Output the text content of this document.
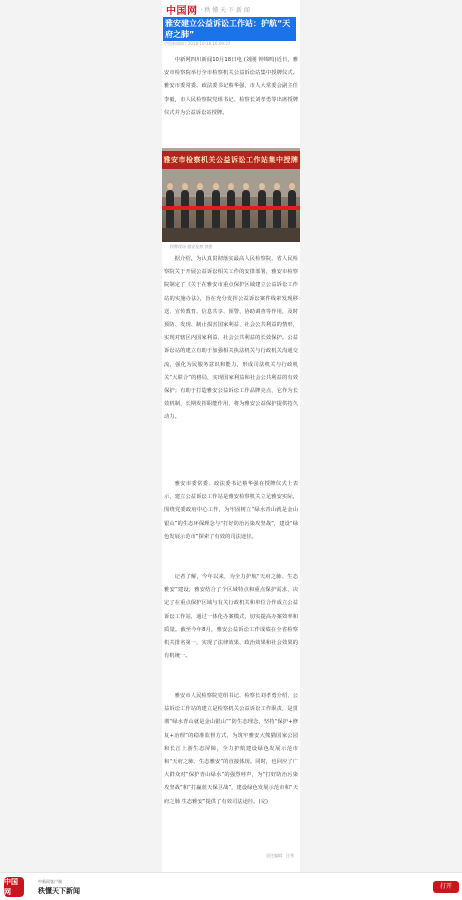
中国网 · 秩 懂 天 下 新 闻
雅安建立公益诉讼工作站：护航“天府之肺”
中国新闻网 | 2018-10-18 16:09:37

中新网四川新闻10月18日电 (刘刚 钟锦鸣)近日，雅安市检察院举行全市检察机关公益诉讼站集中授牌仪式。雅安市委常委、政法委书记蔡华强，市人大常委会副主任李毅，市人民检察院党组书记、检察长刘孝勇等出席授牌仪式并为公益诉讼站授牌。

雅安市检察机关公益诉讼工作站集中授牌
授牌现场 雅安检察 供图

据介绍，为认真贯彻落实最高人民检察院、省人民检察院关于开展公益诉讼相关工作的安排部署，雅安市检察院制定了《关于在雅安市重点保护区域建立公益诉讼工作站的实施办法》，旨在充分发挥公益诉讼案件线索发现移送、宣传教育、信息共享、预警、协助调查等作用，及时预防、发现、制止损害国家利益、社会公共利益的情形，实现对辖区内国家利益、社会公共利益的长效保护。公益诉讼站的建立有助于加强相关执法机关与行政机关沟通交流，强化为民服务意识和能力，形成司法机关与行政机关“大联合”的格局，实现国家利益和社会公共利益的有效保护；有助于打造雅安公益诉讼工作品牌亮点，它作为长效机制，长期发挥职能作用，将为雅安公益保护提供持久动力。

雅安市委常委、政法委书记蔡华强在授牌仪式上表示，建立公益诉讼工作站是雅安检察机关立足雅安实际，围绕党委政府中心工作，为牢固树立“绿水青山就是金山银山”的生态环保理念与“打好防治污染攻坚战”，建设“绿色发展示范市”探索了有效的司法途径。

记者了解，今年以来，为全力护航“天府之肺、生态雅安”建设，雅安结合了个区域特点和重点保护需求，决定了在重点保护区域与有关行政机关和单位合作成立公益诉讼工作站，通过一体化办案模式，切实提高办案效率和质量。截至今年8月，雅安公益诉讼工作成绩在全省检察机关排名第一，实现了法律效果、政治效果和社会效果的有机统一。

雅安市人民检察院党组书记、检察长刘孝勇介绍，公益诉讼工作站的建立是检察机关公益诉讼工作职责，是贯彻“绿水青山就是金山银山”“防生态理念，坚持“保护+修复+治理”的稳准监督方式，为筑牢雅安大熊猫国家公园和长江上游生态屏障，全力护航建设绿色发展示范市和“天府之肺、生态雅安”的直接体现。同时，也回应了广大群众对“保护青山绿水”的强烈呼声，为“打好防治污染攻坚战”和“打赢蓝天保卫战”，建设绿色发展示范市和“天府之肺 生态雅安”提供了有效司法途径。(完)

责任编辑：汪秀
中国网
中新网客户端
秩懂天下新闻	打开
